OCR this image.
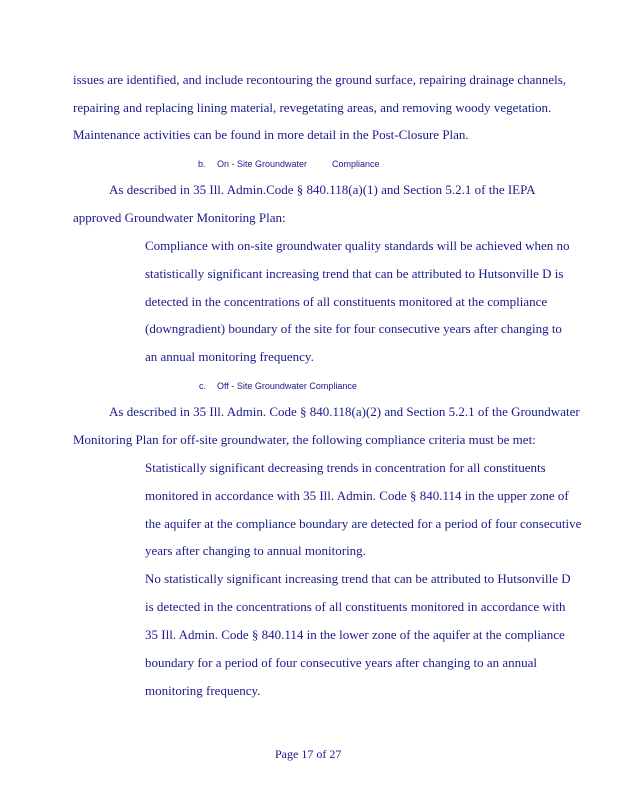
issues are identified, and include recontouring the ground surface, repairing drainage channels,
repairing and replacing lining material, revegetating areas, and removing woody vegetation.
Maintenance activities can be found in more detail in the Post-Closure Plan.
b. On - Site Groundwater	Compliance
As described in 35 Ill. Admin.Code § 840.118(a)(1) and Section 5.2.1 of the IEPA
approved Groundwater Monitoring Plan:
Compliance with on-site groundwater quality standards will be achieved when no
statistically significant increasing trend that can be attributed to Hutsonville D is
detected in the concentrations of all constituents monitored at the compliance
(downgradient) boundary of the site for four consecutive years after changing to
an annual monitoring frequency.
c. Off - Site Groundwater Compliance
As described in 35 Ill. Admin. Code § 840.118(a)(2) and Section 5.2.1 of the Groundwater
Monitoring Plan for off-site groundwater, the following compliance criteria must be met:
Statistically significant decreasing trends in concentration for all constituents
monitored in accordance with 35 Ill. Admin. Code § 840.114 in the upper zone of
the aquifer at the compliance boundary are detected for a period of four consecutive
years after changing to annual monitoring.
No statistically significant increasing trend that can be attributed to Hutsonville D
is detected in the concentrations of all constituents monitored in accordance with
35 Ill. Admin. Code § 840.114 in the lower zone of the aquifer at the compliance
boundary for a period of four consecutive years after changing to an annual
monitoring frequency.
Page 17 of 27
